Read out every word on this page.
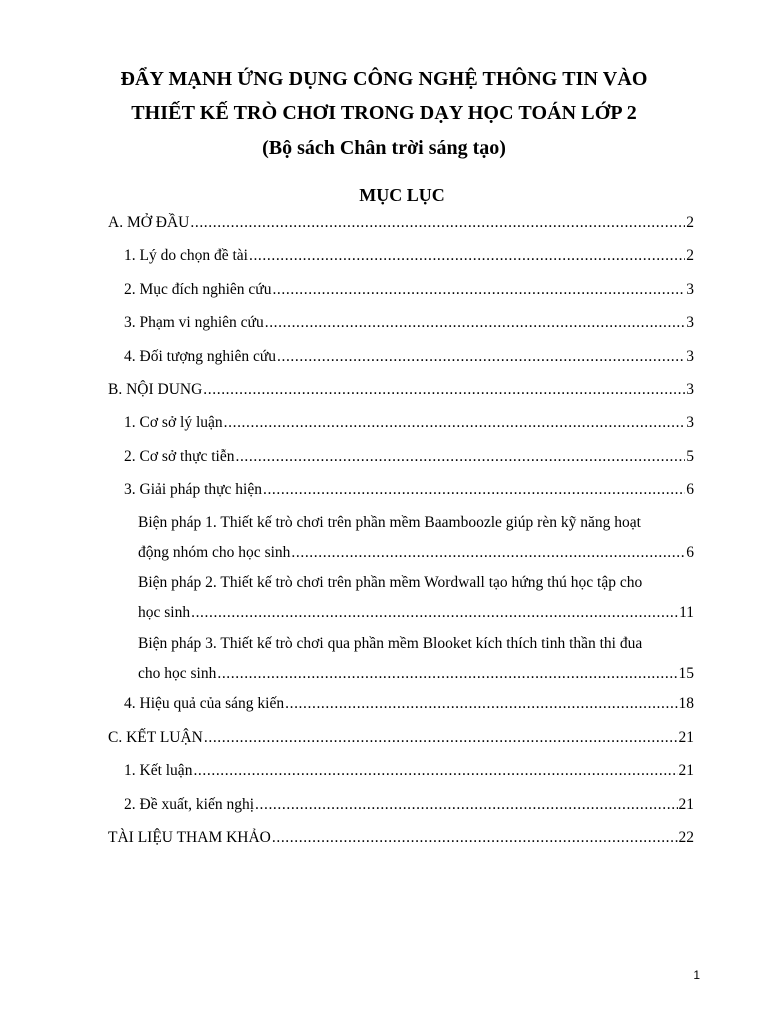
ĐẨY MẠNH ỨNG DỤNG CÔNG NGHỆ THÔNG TIN VÀO
THIẾT KẾ TRÒ CHƠI TRONG DẠY HỌC TOÁN LỚP 2
(Bộ sách Chân trời sáng tạo)
MỤC LỤC
A. MỞ ĐẦU .....	2
1. Lý do chọn đề tài .....	2
2. Mục đích nghiên cứu .....	3
3. Phạm vi nghiên cứu .....	3
4. Đối tượng nghiên cứu .....	3
B. NỘI DUNG .....	3
1. Cơ sở lý luận .....	3
2. Cơ sở thực tiễn .....	5
3. Giải pháp thực hiện .....	6
Biện pháp 1. Thiết kế trò chơi trên phần mềm Baamboozle giúp rèn kỹ năng hoạt
động nhóm cho học sinh .....	6
Biện pháp 2. Thiết kế trò chơi trên phần mềm Wordwall tạo hứng thú học tập cho
học sinh .....	11
Biện pháp 3. Thiết kế trò chơi qua phần mềm Blooket kích thích tinh thần thi đua
cho học sinh .....	15
4. Hiệu quả của sáng kiến .....	18
C. KẾT LUẬN .....	21
1. Kết luận .....	21
2. Đề xuất, kiến nghị .....	21
TÀI LIỆU THAM KHẢO .....	22
1
